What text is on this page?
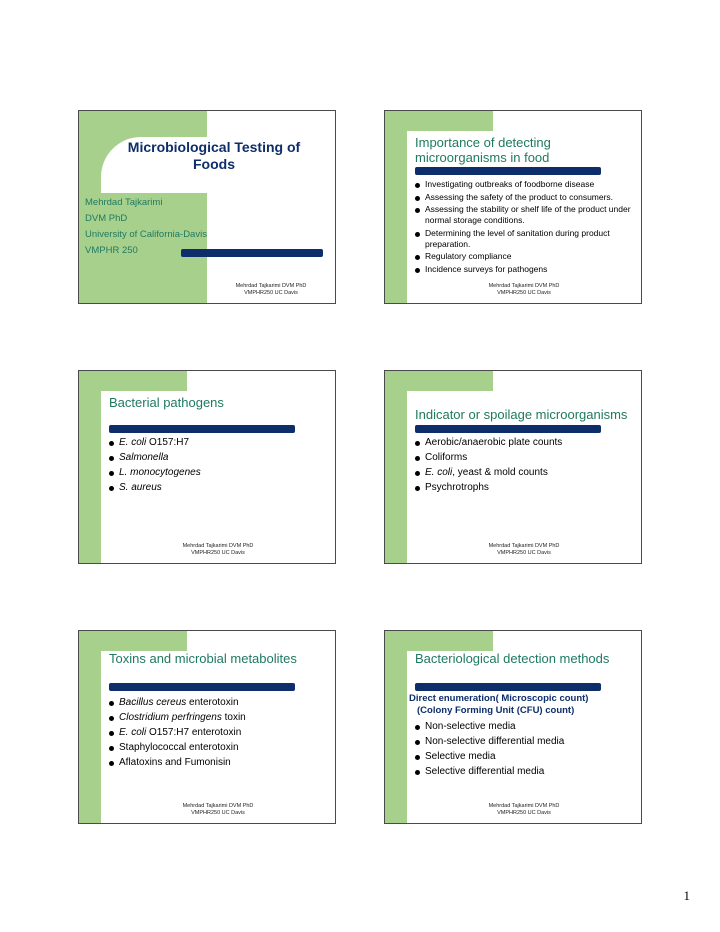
Microbiological Testing of Foods
Mehrdad Tajkarimi
DVM PhD
University of California-Davis
VMPHR 250
Mehrdad Tajkarimi DVM PhD
VMPHR250 UC Davis
Importance of detecting microorganisms in food
Investigating outbreaks of foodborne disease
Assessing the safety of the product to consumers.
Assessing the stability or shelf life of the product under normal storage conditions.
Determining the level of sanitation during product preparation.
Regulatory compliance
Incidence surveys for pathogens
Mehrdad Tajkarimi DVM PhD
VMPHR250 UC Davis
Bacterial pathogens
E. coli O157:H7
Salmonella
L. monocytogenes
S. aureus
Mehrdad Tajkarimi DVM PhD
VMPHR250 UC Davis
Indicator or spoilage microorganisms
Aerobic/anaerobic plate counts
Coliforms
E. coli, yeast & mold counts
Psychrotrophs
Mehrdad Tajkarimi DVM PhD
VMPHR250 UC Davis
Toxins and microbial metabolites
Bacillus cereus enterotoxin
Clostridium perfringens toxin
E. coli O157:H7 enterotoxin
Staphylococcal enterotoxin
Aflatoxins and Fumonisin
Mehrdad Tajkarimi DVM PhD
VMPHR250 UC Davis
Bacteriological detection methods
Direct enumeration( Microscopic count)
(Colony Forming Unit (CFU) count)
Non-selective media
Non-selective differential media
Selective media
Selective differential media
Mehrdad Tajkarimi DVM PhD
VMPHR250 UC Davis
1
